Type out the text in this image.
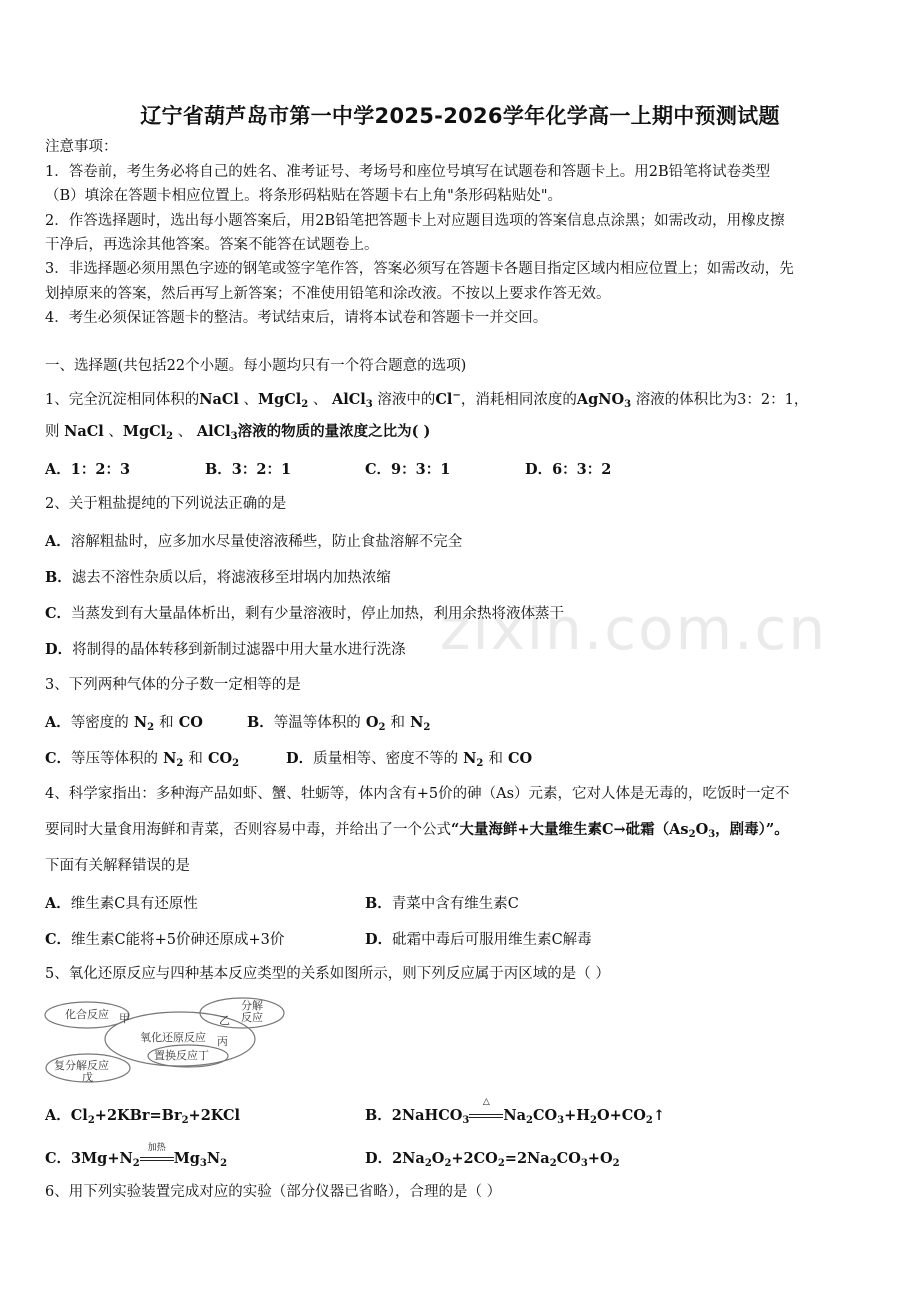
zixin.com.cn
辽宁省葫芦岛市第一中学2025-2026学年化学高一上期中预测试题
注意事项：
1．答卷前，考生务必将自己的姓名、准考证号、考场号和座位号填写在试题卷和答题卡上。用2B铅笔将试卷类型
（B）填涂在答题卡相应位置上。将条形码粘贴在答题卡右上角"条形码粘贴处"。
2．作答选择题时，选出每小题答案后，用2B铅笔把答题卡上对应题目选项的答案信息点涂黑；如需改动，用橡皮擦
干净后，再选涂其他答案。答案不能答在试题卷上。
3．非选择题必须用黑色字迹的钢笔或签字笔作答，答案必须写在答题卡各题目指定区域内相应位置上；如需改动，先
划掉原来的答案，然后再写上新答案；不准使用铅笔和涂改液。不按以上要求作答无效。
4．考生必须保证答题卡的整洁。考试结束后，请将本试卷和答题卡一并交回。
一、选择题(共包括22个小题。每小题均只有一个符合题意的选项)
1、完全沉淀相同体积的NaCl 、MgCl$_2$ 、 AlCl$_3$ 溶液中的Cl−，消耗相同浓度的AgNO$_3$ 溶液的体积比为3：2：1，
则 NaCl 、MgCl$_2$ 、 AlCl$_3$溶液的物质的量浓度之比为( )
A．1：2：3	B．3：2：1	C．9：3：1	D．6：3：2
2、关于粗盐提纯的下列说法正确的是
A．溶解粗盐时，应多加水尽量使溶液稀些，防止食盐溶解不完全
B．滤去不溶性杂质以后，将滤液移至坩埚内加热浓缩
C．当蒸发到有大量晶体析出，剩有少量溶液时，停止加热，利用余热将液体蒸干
D．将制得的晶体转移到新制过滤器中用大量水进行洗涤
3、下列两种气体的分子数一定相等的是
A．等密度的 $N_2$ 和 CO	B．等温等体积的 $O_2$ 和 $N_2$
C．等压等体积的 $N_2$ 和 $CO_2$	D．质量相等、密度不等的 $N_2$ 和 CO
4、科学家指出：多种海产品如虾、蟹、牡蛎等，体内含有+5价的砷（As）元素，它对人体是无毒的，吃饭时一定不
要同时大量食用海鲜和青菜，否则容易中毒，并给出了一个公式“大量海鲜+大量维生素C→砒霜（$As_2O_3$，剧毒）”。
下面有关解释错误的是
A．维生素C具有还原性	B．青菜中含有维生素C
C．维生素C能将+5价砷还原成+3价	D．砒霜中毒后可服用维生素C解毒
5、氧化还原反应与四种基本反应类型的关系如图所示，则下列反应属于丙区域的是（ ）
化合反应 甲
分解
反应
乙
氧化还原反应 丙
置换反应丁
复分解反应
戊
A．$Cl_2+2KBr=Br_2+2KCl$	B．2NaHCO$_3$
△
$Na_2CO_3+H_2O+CO_2↑$
C．$3Mg+N_2$
加热
$Mg_3N_2$	D．$2Na_2O_2+2CO_2=2Na_2CO_3+O_2$
6、用下列实验装置完成对应的实验（部分仪器已省略），合理的是（ ）
